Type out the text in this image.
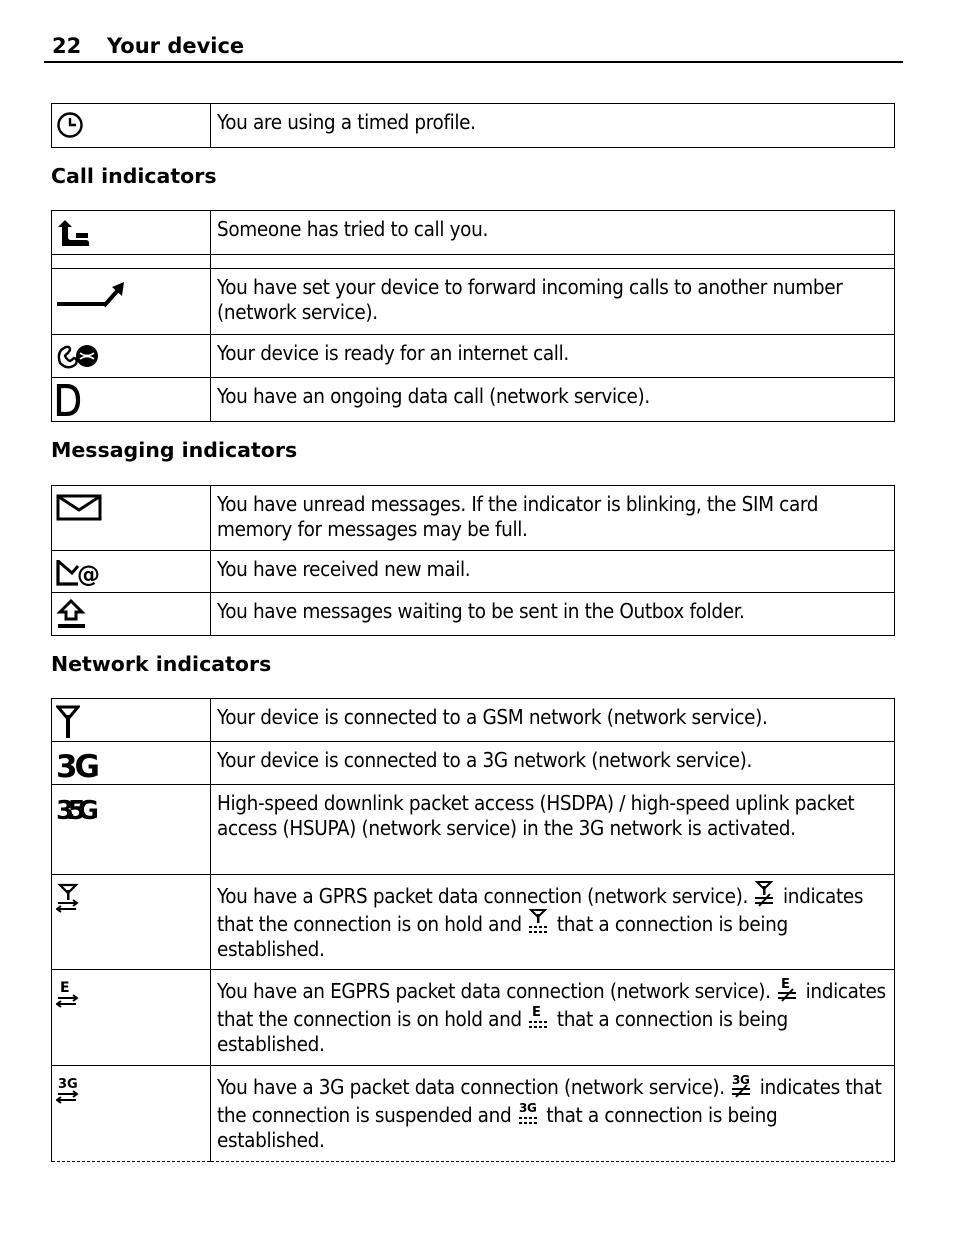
22 Your device
	You are using a timed profile.
Call indicators
	Someone has tried to call you.

	You have set your device to forward incoming calls to another number (network service).

	Your device is ready for an internet call.

	You have an ongoing data call (network service).
Messaging indicators
	You have unread messages. If the indicator is blinking, the SIM card memory for messages may be full.

@	You have received new mail.

	You have messages waiting to be sent in the Outbox folder.
Network indicators
	Your device is connected to a GSM network (network service).

3G	Your device is connected to a 3G network (network service).

3.5G	High-speed downlink packet access (HSDPA) / high-speed uplink packet access (HSUPA) (network service) in the 3G network is activated.

	You have a GPRS packet data connection (network service). indicates that the connection is on hold and that a connection is being established.

E	You have an EGPRS packet data connection (network service). E indicates that the connection is on hold and E that a connection is being established.

3G	You have a 3G packet data connection (network service). 3G indicates that the connection is suspended and 3G that a connection is being established.
